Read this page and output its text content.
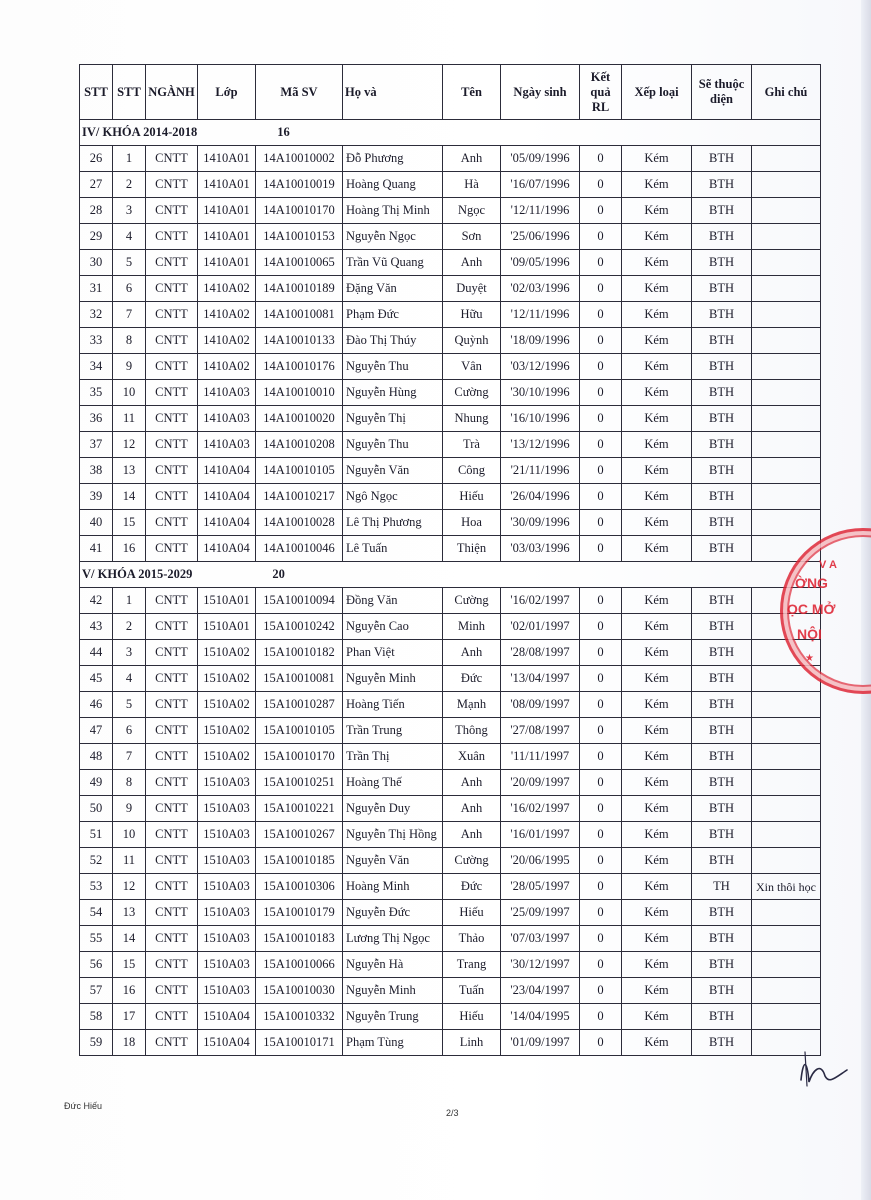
STT	STT	NGÀNH	Lớp	Mã SV	Họ và	Tên	Ngày sinh	Kết quả RL	Xếp loại	Sẽ thuộc diện	Ghi chú
IV/ KHÓA 2014-2018 16											
26	1	CNTT	1410A01	14A10010002	Đỗ Phương	Anh	'05/09/1996	0	Kém	BTH	
27	2	CNTT	1410A01	14A10010019	Hoàng Quang	Hà	'16/07/1996	0	Kém	BTH	
28	3	CNTT	1410A01	14A10010170	Hoàng Thị Minh	Ngọc	'12/11/1996	0	Kém	BTH	
29	4	CNTT	1410A01	14A10010153	Nguyễn Ngọc	Sơn	'25/06/1996	0	Kém	BTH	
30	5	CNTT	1410A01	14A10010065	Trần Vũ Quang	Anh	'09/05/1996	0	Kém	BTH	
31	6	CNTT	1410A02	14A10010189	Đặng Văn	Duyệt	'02/03/1996	0	Kém	BTH	
32	7	CNTT	1410A02	14A10010081	Phạm Đức	Hữu	'12/11/1996	0	Kém	BTH	
33	8	CNTT	1410A02	14A10010133	Đào Thị Thúy	Quỳnh	'18/09/1996	0	Kém	BTH	
34	9	CNTT	1410A02	14A10010176	Nguyễn Thu	Vân	'03/12/1996	0	Kém	BTH	
35	10	CNTT	1410A03	14A10010010	Nguyễn Hùng	Cường	'30/10/1996	0	Kém	BTH	
36	11	CNTT	1410A03	14A10010020	Nguyễn Thị	Nhung	'16/10/1996	0	Kém	BTH	
37	12	CNTT	1410A03	14A10010208	Nguyễn Thu	Trà	'13/12/1996	0	Kém	BTH	
38	13	CNTT	1410A04	14A10010105	Nguyễn Văn	Công	'21/11/1996	0	Kém	BTH	
39	14	CNTT	1410A04	14A10010217	Ngô Ngọc	Hiếu	'26/04/1996	0	Kém	BTH	
40	15	CNTT	1410A04	14A10010028	Lê Thị Phương	Hoa	'30/09/1996	0	Kém	BTH	
41	16	CNTT	1410A04	14A10010046	Lê Tuấn	Thiện	'03/03/1996	0	Kém	BTH	
V/ KHÓA 2015-2029 20											
42	1	CNTT	1510A01	15A10010094	Đồng Văn	Cường	'16/02/1997	0	Kém	BTH	
43	2	CNTT	1510A01	15A10010242	Nguyễn Cao	Minh	'02/01/1997	0	Kém	BTH	
44	3	CNTT	1510A02	15A10010182	Phan Việt	Anh	'28/08/1997	0	Kém	BTH	
45	4	CNTT	1510A02	15A10010081	Nguyễn Minh	Đức	'13/04/1997	0	Kém	BTH	
46	5	CNTT	1510A02	15A10010287	Hoàng Tiến	Mạnh	'08/09/1997	0	Kém	BTH	
47	6	CNTT	1510A02	15A10010105	Trần Trung	Thông	'27/08/1997	0	Kém	BTH	
48	7	CNTT	1510A02	15A10010170	Trần Thị	Xuân	'11/11/1997	0	Kém	BTH	
49	8	CNTT	1510A03	15A10010251	Hoàng Thế	Anh	'20/09/1997	0	Kém	BTH	
50	9	CNTT	1510A03	15A10010221	Nguyễn Duy	Anh	'16/02/1997	0	Kém	BTH	
51	10	CNTT	1510A03	15A10010267	Nguyễn Thị Hồng	Anh	'16/01/1997	0	Kém	BTH	
52	11	CNTT	1510A03	15A10010185	Nguyễn Văn	Cường	'20/06/1995	0	Kém	BTH	
53	12	CNTT	1510A03	15A10010306	Hoàng Minh	Đức	'28/05/1997	0	Kém	TH	Xin thôi học
54	13	CNTT	1510A03	15A10010179	Nguyễn Đức	Hiếu	'25/09/1997	0	Kém	BTH	
55	14	CNTT	1510A03	15A10010183	Lương Thị Ngọc	Thảo	'07/03/1997	0	Kém	BTH	
56	15	CNTT	1510A03	15A10010066	Nguyễn Hà	Trang	'30/12/1997	0	Kém	BTH	
57	16	CNTT	1510A03	15A10010030	Nguyễn Minh	Tuấn	'23/04/1997	0	Kém	BTH	
58	17	CNTT	1510A04	15A10010332	Nguyễn Trung	Hiếu	'14/04/1995	0	Kém	BTH	
59	18	CNTT	1510A04	15A10010171	Phạm Tùng	Linh	'01/09/1997	0	Kém	BTH	
V A
ỜNG
ỌC MỞ
NỘI
★
Đức Hiếu
2/3
